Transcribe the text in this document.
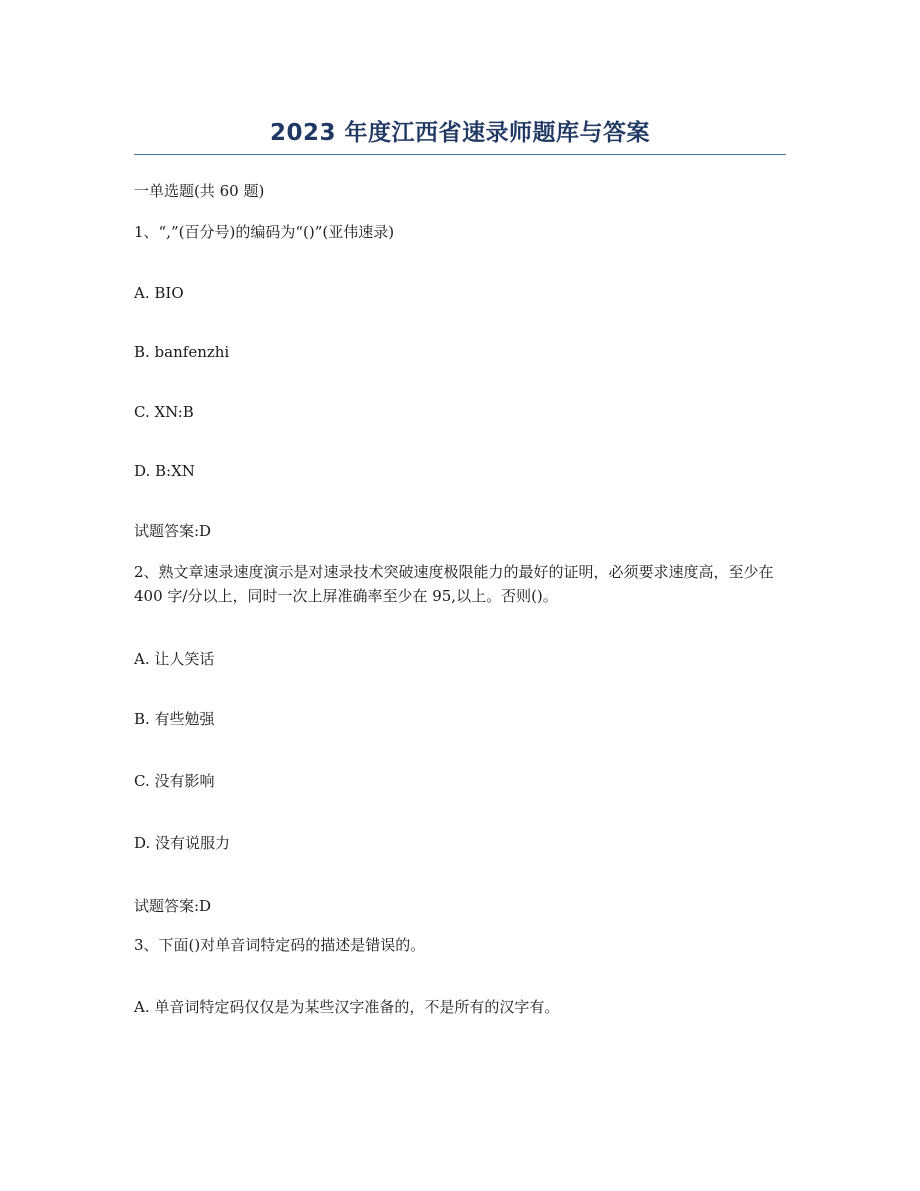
2023 年度江西省速录师题库与答案
一单选题(共 60 题)
1、“,”(百分号)的编码为“()”(亚伟速录)
A. BIO
B. banfenzhi
C. XN:B
D. B:XN
试题答案:D
2、熟文章速录速度演示是对速录技术突破速度极限能力的最好的证明，必须要求速度高，至少在 400 字/分以上，同时一次上屏准确率至少在 95,以上。否则()。
A. 让人笑话
B. 有些勉强
C. 没有影响
D. 没有说服力
试题答案:D
3、下面()对单音词特定码的描述是错误的。
A. 单音词特定码仅仅是为某些汉字准备的，不是所有的汉字有。
